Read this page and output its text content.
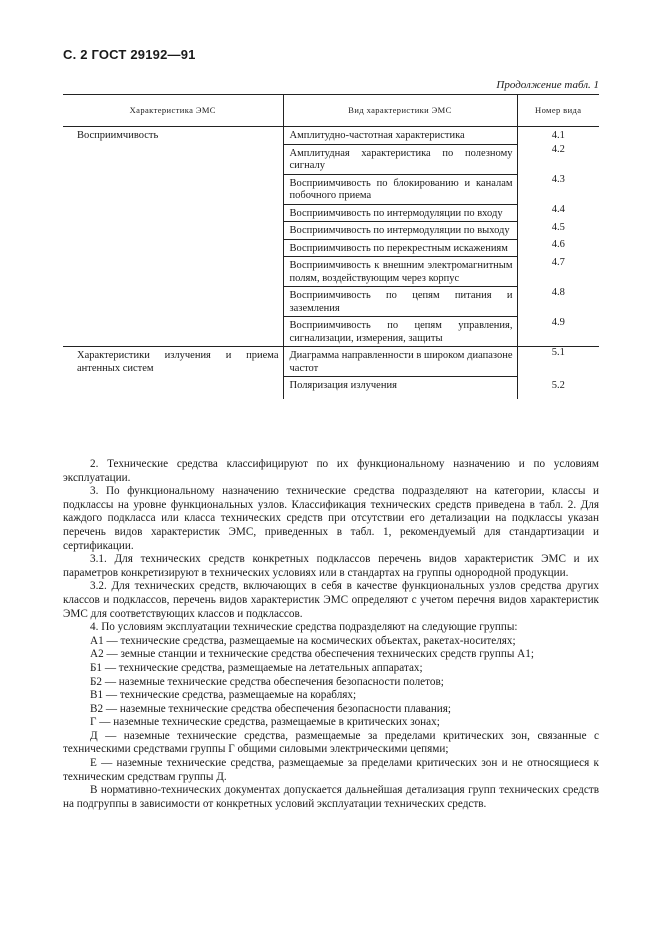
С. 2 ГОСТ 29192—91
Продолжение табл. 1
Характеристика ЭМС	Вид характеристики ЭМС	Номер вида
Восприимчивость	Амплитудно-частотная характеристика	4.1
	Амплитудная характеристика по полезному сигналу	4.2
	Восприимчивость по блокированию и каналам побочного приема	4.3
	Восприимчивость по интермодуляции по входу	4.4
	Восприимчивость по интермодуляции по выходу	4.5
	Восприимчивость по перекрестным искажениям	4.6
	Восприимчивость к внешним электромагнитным полям, воздействующим через корпус	4.7
	Восприимчивость по цепям питания и заземления	4.8
	Восприимчивость по цепям управления, сигнализации, измерения, защиты	4.9
Характеристики излучения и приема антенных систем	Диаграмма направленности в широком диапазоне частот	5.1
	Поляризация излучения	5.2

2. Технические средства классифицируют по их функциональному назначению и по условиям эксплуатации.

3. По функциональному назначению технические средства подразделяют на категории, классы и подклассы на уровне функциональных узлов. Классификация технических средств приведена в табл. 2. Для каждого подкласса или класса технических средств при отсутствии его детализации на подклассы указан перечень видов характеристик ЭМС, приведенных в табл. 1, рекомендуемый для стандартизации и сертификации.

3.1. Для технических средств конкретных подклассов перечень видов характеристик ЭМС и их параметров конкретизируют в технических условиях или в стандартах на группы однородной продукции.

3.2. Для технических средств, включающих в себя в качестве функциональных узлов средства других классов и подклассов, перечень видов характеристик ЭМС определяют с учетом перечня видов характеристик ЭМС для соответствующих классов и подклассов.

4. По условиям эксплуатации технические средства подразделяют на следующие группы:

А1 — технические средства, размещаемые на космических объектах, ракетах-носителях;

А2 — земные станции и технические средства обеспечения технических средств группы А1;

Б1 — технические средства, размещаемые на летательных аппаратах;

Б2 — наземные технические средства обеспечения безопасности полетов;

В1 — технические средства, размещаемые на кораблях;

В2 — наземные технические средства обеспечения безопасности плавания;

Г — наземные технические средства, размещаемые в критических зонах;

Д — наземные технические средства, размещаемые за пределами критических зон, связанные с техническими средствами группы Г общими силовыми электрическими цепями;

Е — наземные технические средства, размещаемые за пределами критических зон и не относящиеся к техническим средствам группы Д.

В нормативно-технических документах допускается дальнейшая детализация групп технических средств на подгруппы в зависимости от конкретных условий эксплуатации технических средств.
